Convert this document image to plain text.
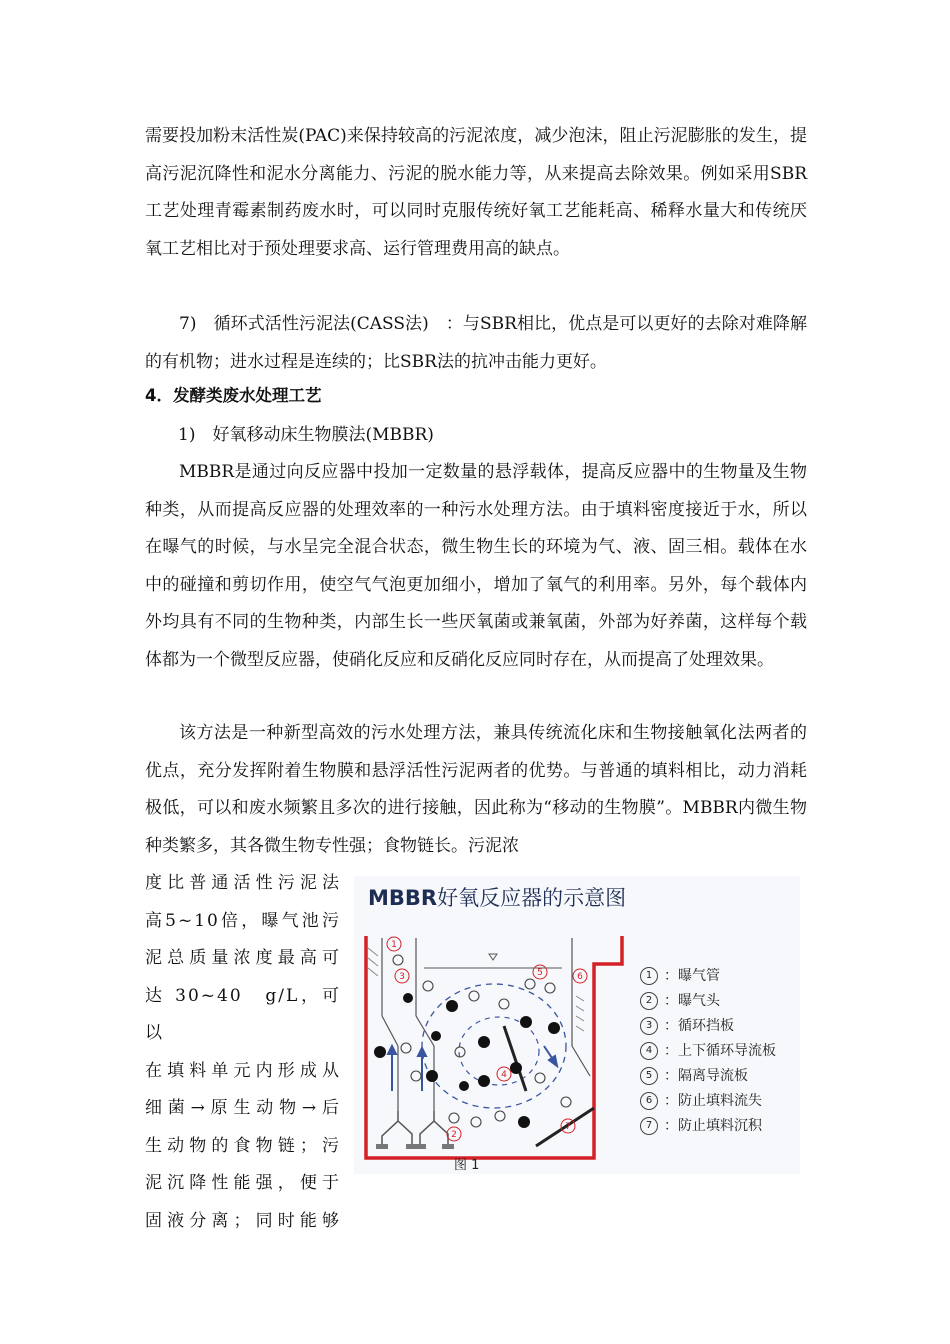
需要投加粉末活性炭(PAC)来保持较高的污泥浓度，减少泡沫，阻止污泥膨胀的发生，提高污泥沉降性和泥水分离能力、污泥的脱水能力等，从来提高去除效果。例如采用SBR工艺处理青霉素制药废水时，可以同时克服传统好氧工艺能耗高、稀释水量大和传统厌氧工艺相比对于预处理要求高、运行管理费用高的缺点。

7)　循环式活性污泥法(CASS法)　：与SBR相比，优点是可以更好的去除对难降解的有机物；进水过程是连续的；比SBR法的抗冲击能力更好。

4．发酵类废水处理工艺

1)　好氧移动床生物膜法(MBBR)

MBBR是通过向反应器中投加一定数量的悬浮载体，提高反应器中的生物量及生物种类，从而提高反应器的处理效率的一种污水处理方法。由于填料密度接近于水，所以在曝气的时候，与水呈完全混合状态，微生物生长的环境为气、液、固三相。载体在水中的碰撞和剪切作用，使空气气泡更加细小，增加了氧气的利用率。另外，每个载体内外均具有不同的生物种类，内部生长一些厌氧菌或兼氧菌，外部为好养菌，这样每个载体都为一个微型反应器，使硝化反应和反硝化反应同时存在，从而提高了处理效果。

该方法是一种新型高效的污水处理方法，兼具传统流化床和生物接触氧化法两者的优点，充分发挥附着生物膜和悬浮活性污泥两者的优势。与普通的填料相比，动力消耗极低，可以和废水频繁且多次的进行接触，因此称为“移动的生物膜”。MBBR内微生物种类繁多，其各微生物专性强；食物链长。污泥浓

度比普通活性污泥法
高5~10倍，曝气池污
泥总质量浓度最高可
达 30~40　g/L，可以
在填料单元内形成从
细菌→原生动物→后
生动物的食物链；污
泥沉降性能强，便于
固液分离；同时能够

MBBR好氧反应器的示意图

1
2
3
4
5	6
7
1 ：曝气管
2 ：曝气头
3 ：循环挡板
4 ：上下循环导流板
5 ：隔离导流板
6 ：防止填料流失
7 ：防止填料沉积
图 1
